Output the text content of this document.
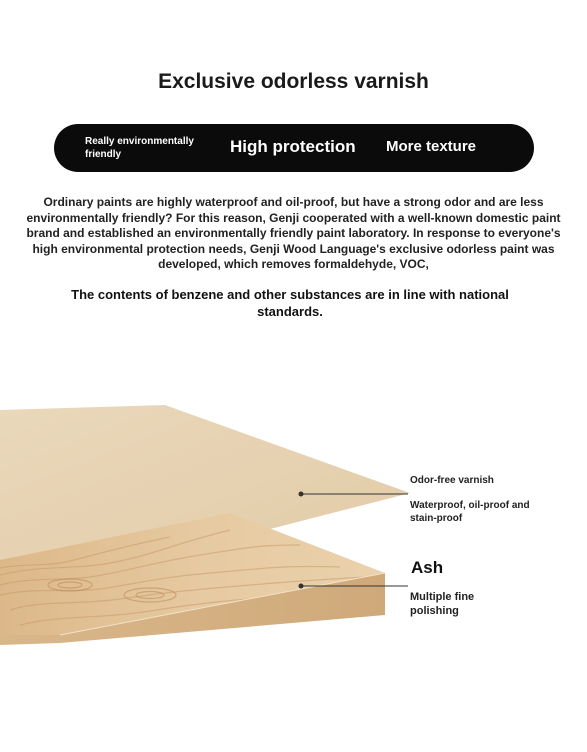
Exclusive odorless varnish
Really environmentally friendly	High protection More texture
Ordinary paints are highly waterproof and oil-proof, but have a strong odor and are less environmentally friendly? For this reason, Genji cooperated with a well-known domestic paint brand and established an environmentally friendly paint laboratory. In response to everyone's high environmental protection needs, Genji Wood Language's exclusive odorless paint was developed, which removes formaldehyde, VOC,
The contents of benzene and other substances are in line with national standards.
Odor-free varnish
Waterproof, oil-proof and stain-proof
Ash
Multiple fine polishing
